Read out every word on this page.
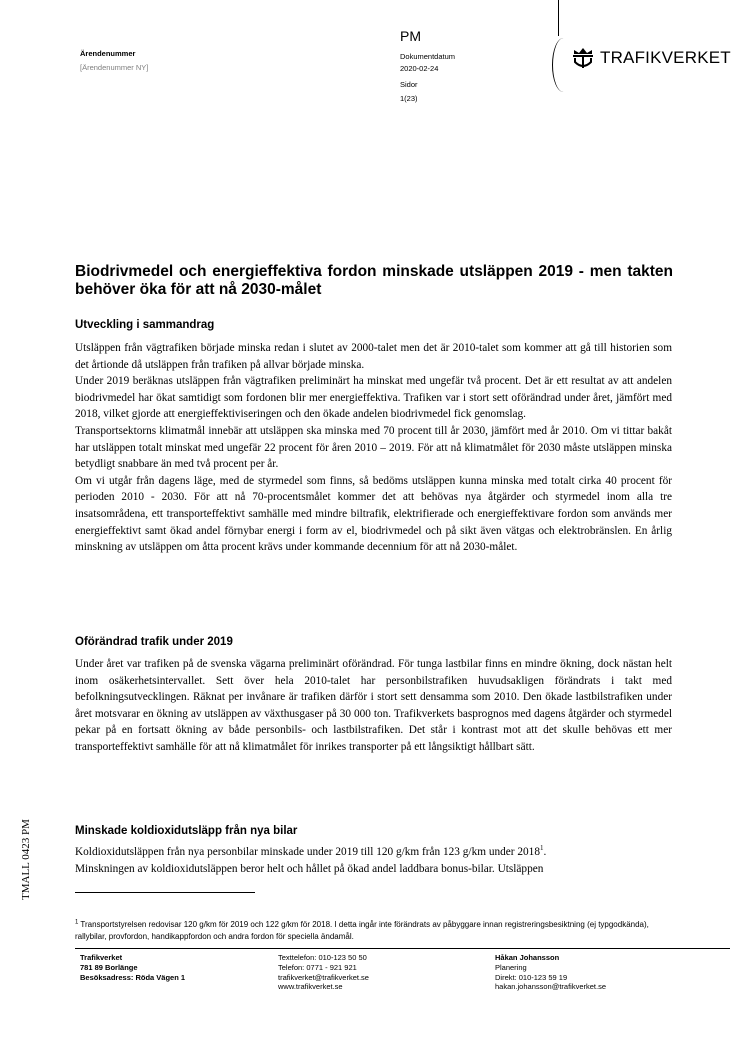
Ärendenummer
[Ärendenummer NY]
PM
Dokumentdatum
2020-02-24
Sidor
1(23)
TRAFIKVERKET
Biodrivmedel och energieffektiva fordon minskade utsläppen 2019 - men takten behöver öka för att nå 2030-målet
Utveckling i sammandrag

Utsläppen från vägtrafiken började minska redan i slutet av 2000-talet men det är 2010-talet som kommer att gå till historien som det årtionde då utsläppen från trafiken på allvar började minska.

Under 2019 beräknas utsläppen från vägtrafiken preliminärt ha minskat med ungefär två procent. Det är ett resultat av att andelen biodrivmedel har ökat samtidigt som fordonen blir mer energieffektiva. Trafiken var i stort sett oförändrad under året, jämfört med 2018, vilket gjorde att energieffektiviseringen och den ökade andelen biodrivmedel fick genomslag.

Transportsektorns klimatmål innebär att utsläppen ska minska med 70 procent till år 2030, jämfört med år 2010. Om vi tittar bakåt har utsläppen totalt minskat med ungefär 22 procent för åren 2010 – 2019. För att nå klimatmålet för 2030 måste utsläppen minska betydligt snabbare än med två procent per år.

Om vi utgår från dagens läge, med de styrmedel som finns, så bedöms utsläppen kunna minska med totalt cirka 40 procent för perioden 2010 - 2030. För att nå 70-procentsmålet kommer det att behövas nya åtgärder och styrmedel inom alla tre insatsområdena, ett transporteffektivt samhälle med mindre biltrafik, elektrifierade och energieffektivare fordon som används mer energieffektivt samt ökad andel förnybar energi i form av el, biodrivmedel och på sikt även vätgas och elektrobränslen. En årlig minskning av utsläppen om åtta procent krävs under kommande decennium för att nå 2030-målet.

Oförändrad trafik under 2019

Under året var trafiken på de svenska vägarna preliminärt oförändrad. För tunga lastbilar finns en mindre ökning, dock nästan helt inom osäkerhetsintervallet. Sett över hela 2010-talet har personbilstrafiken huvudsakligen förändrats i takt med befolkningsutvecklingen. Räknat per invånare är trafiken därför i stort sett densamma som 2010. Den ökade lastbilstrafiken under året motsvarar en ökning av utsläppen av växthusgaser på 30 000 ton. Trafikverkets basprognos med dagens åtgärder och styrmedel pekar på en fortsatt ökning av både personbils- och lastbilstrafiken. Det står i kontrast mot att det skulle behövas ett mer transporteffektivt samhälle för att nå klimatmålet för inrikes transporter på ett långsiktigt hållbart sätt.

Minskade koldioxidutsläpp från nya bilar

Koldioxidutsläppen från nya personbilar minskade under 2019 till 120 g/km från 123 g/km under 2018$^1$.

Minskningen av koldioxidutsläppen beror helt och hållet på ökad andel laddbara bonus-bilar. Utsläppen

TMALL 0423 PM
$^1$ Transportstyrelsen redovisar 120 g/km för 2019 och 122 g/km för 2018. I detta ingår inte förändrats av påbyggare innan registreringsbesiktning (ej typgodkända), rallybilar, provfordon, handikappfordon och andra fordon för speciella ändamål.
Trafikverket
781 89 Borlänge
Besöksadress: Röda Vägen 1
Texttelefon: 010-123 50 50
Telefon: 0771 - 921 921
trafikverket@trafikverket.se
www.trafikverket.se
Håkan Johansson
Planering
Direkt: 010-123 59 19
hakan.johansson@trafikverket.se
